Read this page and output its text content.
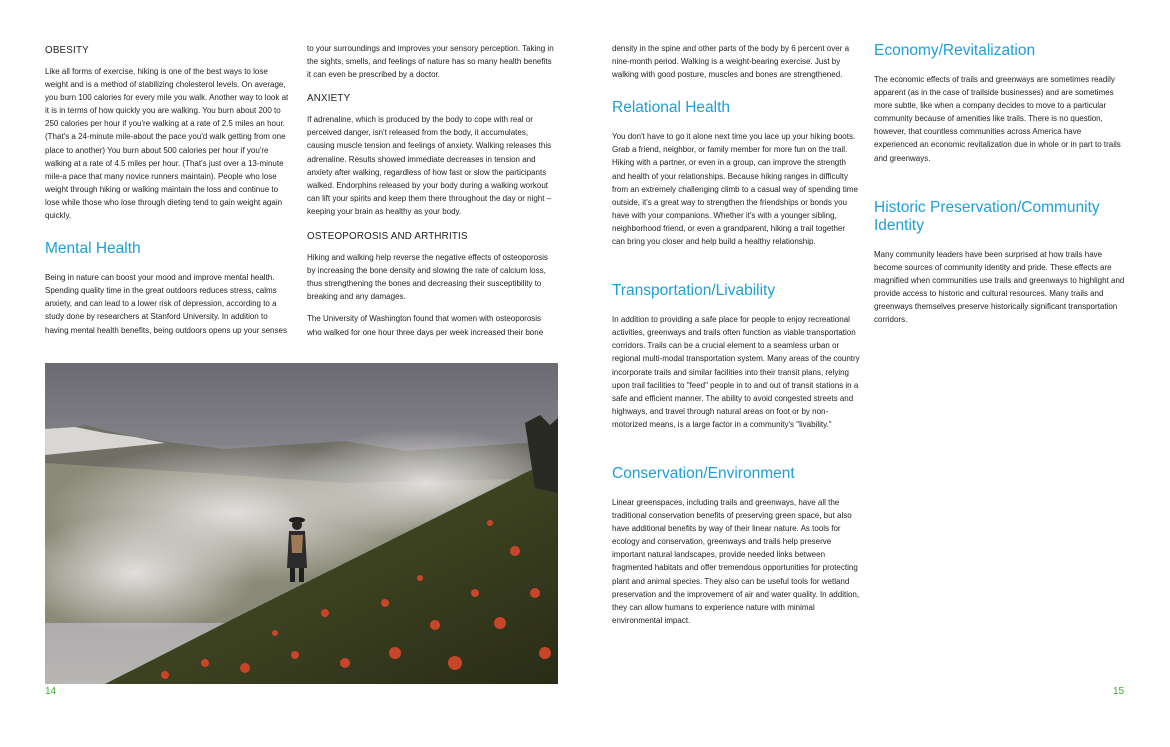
OBESITY

Like all forms of exercise, hiking is one of the best ways to lose weight and is a method of stabilizing cholesterol levels. On average, you burn 100 calories for every mile you walk. Another way to look at it is in terms of how quickly you are walking. You burn about 200 to 250 calories per hour if you're walking at a rate of 2.5 miles an hour. (That's a 24-minute mile-about the pace you'd walk getting from one place to another) You burn about 500 calories per hour if you're walking at a rate of 4.5 miles per hour. (That's just over a 13-minute mile-a pace that many novice runners maintain). People who lose weight through hiking or walking maintain the loss and continue to lose while those who lose through dieting tend to gain weight again quickly.

Mental Health

Being in nature can boost your mood and improve mental health. Spending quality time in the great outdoors reduces stress, calms anxiety, and can lead to a lower risk of depression, according to a study done by researchers at Stanford University. In addition to having mental health benefits, being outdoors opens up your senses

to your surroundings and improves your sensory perception. Taking in the sights, smells, and feelings of nature has so many health benefits it can even be prescribed by a doctor.

ANXIETY

If adrenaline, which is produced by the body to cope with real or perceived danger, isn't released from the body, it accumulates, causing muscle tension and feelings of anxiety. Walking releases this adrenaline. Results showed immediate decreases in tension and anxiety after walking, regardless of how fast or slow the participants walked. Endorphins released by your body during a walking workout can lift your spirits and keep them there throughout the day or night – keeping your brain as healthy as your body.

OSTEOPOROSIS AND ARTHRITIS

Hiking and walking help reverse the negative effects of osteoporosis by increasing the bone density and slowing the rate of calcium loss, thus strengthening the bones and decreasing their susceptibility to breaking and any damages.

The University of Washington found that women with osteoporosis who walked for one hour three days per week increased their bone

14

density in the spine and other parts of the body by 6 percent over a nine-month period. Walking is a weight-bearing exercise. Just by walking with good posture, muscles and bones are strengthened.

Relational Health

You don't have to go it alone next time you lace up your hiking boots. Grab a friend, neighbor, or family member for more fun on the trail. Hiking with a partner, or even in a group, can improve the strength and health of your relationships. Because hiking ranges in difficulty from an extremely challenging climb to a casual way of spending time outside, it's a great way to strengthen the friendships or bonds you have with your companions. Whether it's with a younger sibling, neighborhood friend, or even a grandparent, hiking a trail together can bring you closer and help build a healthy relationship.

Transportation/Livability

In addition to providing a safe place for people to enjoy recreational activities, greenways and trails often function as viable transportation corridors. Trails can be a crucial element to a seamless urban or regional multi-modal transportation system. Many areas of the country incorporate trails and similar facilities into their transit plans, relying upon trail facilities to "feed" people in to and out of transit stations in a safe and efficient manner. The ability to avoid congested streets and highways, and travel through natural areas on foot or by non-motorized means, is a large factor in a community's "livability."

Conservation/Environment

Linear greenspaces, including trails and greenways, have all the traditional conservation benefits of preserving green space, but also have additional benefits by way of their linear nature. As tools for ecology and conservation, greenways and trails help preserve important natural landscapes, provide needed links between fragmented habitats and offer tremendous opportunities for protecting plant and animal species. They also can be useful tools for wetland preservation and the improvement of air and water quality. In addition, they can allow humans to experience nature with minimal environmental impact.

Economy/Revitalization

The economic effects of trails and greenways are sometimes readily apparent (as in the case of trailside businesses) and are sometimes more subtle, like when a company decides to move to a particular community because of amenities like trails. There is no question, however, that countless communities across America have experienced an economic revitalization due in whole or in part to trails and greenways.

Historic Preservation/Community Identity

Many community leaders have been surprised at how trails have become sources of community identity and pride. These effects are magnified when communities use trails and greenways to highlight and provide access to historic and cultural resources. Many trails and greenways themselves preserve historically significant transportation corridors.

15
